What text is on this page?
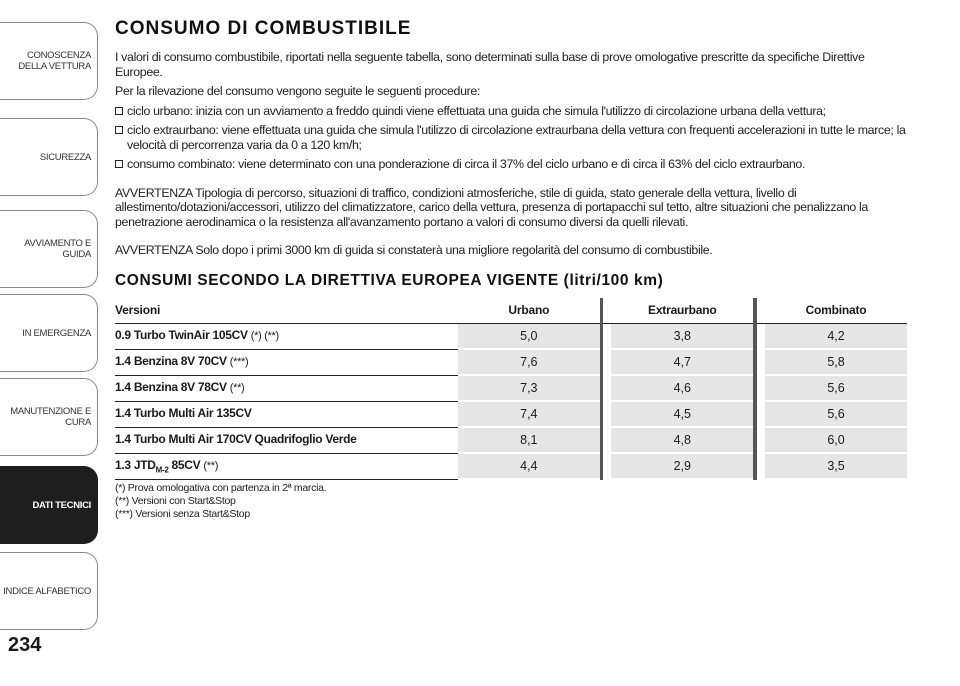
CONOSCENZA
DELLA VETTURA
SICUREZZA
AVVIAMENTO E
GUIDA
IN EMERGENZA
MANUTENZIONE E
CURA
DATI TECNICI
INDICE ALFABETICO
234
CONSUMO DI COMBUSTIBILE

I valori di consumo combustibile, riportati nella seguente tabella, sono determinati sulla base di prove omologative prescritte da specifiche Direttive Europee.

Per la rilevazione del consumo vengono seguite le seguenti procedure:

ciclo urbano: inizia con un avviamento a freddo quindi viene effettuata una guida che simula l'utilizzo di circolazione urbana della vettura;
ciclo extraurbano: viene effettuata una guida che simula l'utilizzo di circolazione extraurbana della vettura con frequenti accelerazioni in tutte le marce; la velocità di percorrenza varia da 0 a 120 km/h;
consumo combinato: viene determinato con una ponderazione di circa il 37% del ciclo urbano e di circa il 63% del ciclo extraurbano.

AVVERTENZA Tipologia di percorso, situazioni di traffico, condizioni atmosferiche, stile di guida, stato generale della vettura, livello di allestimento/dotazioni/accessori, utilizzo del climatizzatore, carico della vettura, presenza di portapacchi sul tetto, altre situazioni che penalizzano la penetrazione aerodinamica o la resistenza all'avanzamento portano a valori di consumo diversi da quelli rilevati.

AVVERTENZA Solo dopo i primi 3000 km di guida si constaterà una migliore regolarità del consumo di combustibile.

CONSUMI SECONDO LA DIRETTIVA EUROPEA VIGENTE (litri/100 km)
Versioni	Urbano			Extraurbano			Combinato
0.9 Turbo TwinAir 105CV (*) (**)	5,0			3,8			4,2
1.4 Benzina 8V 70CV (***)	7,6			4,7			5,8
1.4 Benzina 8V 78CV (**)	7,3			4,6			5,6
1.4 Turbo Multi Air 135CV	7,4			4,5			5,6
1.4 Turbo Multi Air 170CV Quadrifoglio Verde	8,1			4,8			6,0
1.3 $JTD_{M-2}$ 85CV (**)	4,4			2,9			3,5
(*) Prova omologativa con partenza in 2ª marcia.
(**) Versioni con Start&Stop
(***) Versioni senza Start&Stop
